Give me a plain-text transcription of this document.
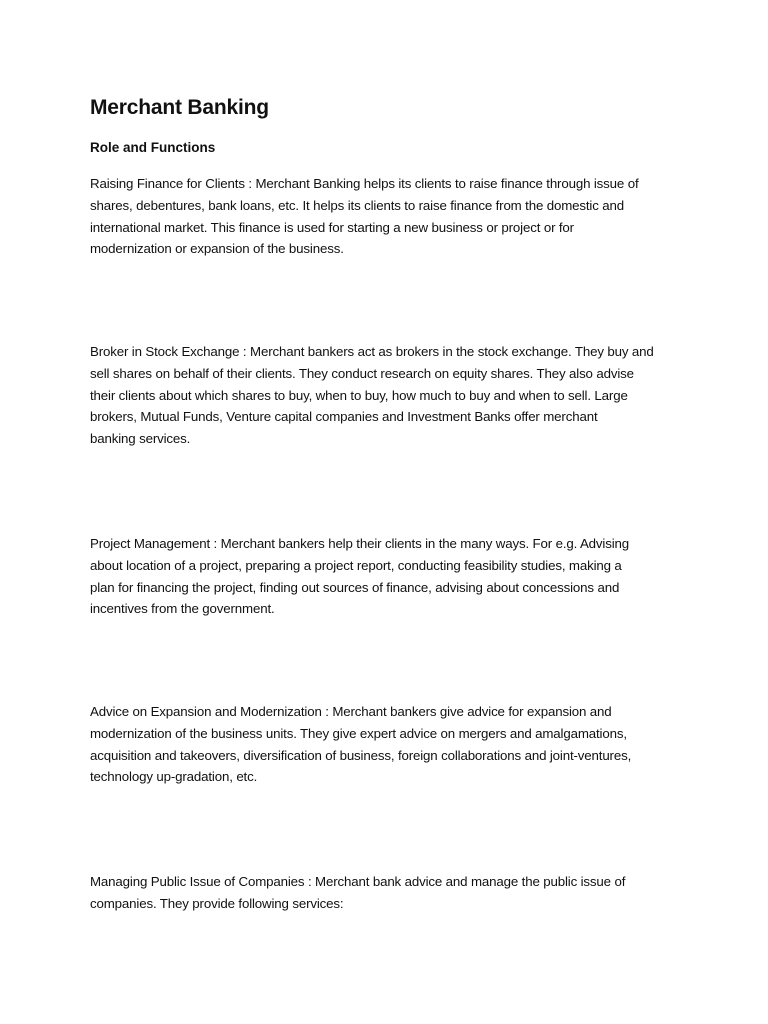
Merchant Banking
Role and Functions

Raising Finance for Clients : Merchant Banking helps its clients to raise finance through issue of
shares, debentures, bank loans, etc. It helps its clients to raise finance from the domestic and
international market. This finance is used for starting a new business or project or for
modernization or expansion of the business.

Broker in Stock Exchange : Merchant bankers act as brokers in the stock exchange. They buy and
sell shares on behalf of their clients. They conduct research on equity shares. They also advise
their clients about which shares to buy, when to buy, how much to buy and when to sell. Large
brokers, Mutual Funds, Venture capital companies and Investment Banks offer merchant
banking services.

Project Management : Merchant bankers help their clients in the many ways. For e.g. Advising
about location of a project, preparing a project report, conducting feasibility studies, making a
plan for financing the project, finding out sources of finance, advising about concessions and
incentives from the government.

Advice on Expansion and Modernization : Merchant bankers give advice for expansion and
modernization of the business units. They give expert advice on mergers and amalgamations,
acquisition and takeovers, diversification of business, foreign collaborations and joint-ventures,
technology up-gradation, etc.

Managing Public Issue of Companies : Merchant bank advice and manage the public issue of
companies. They provide following services:
